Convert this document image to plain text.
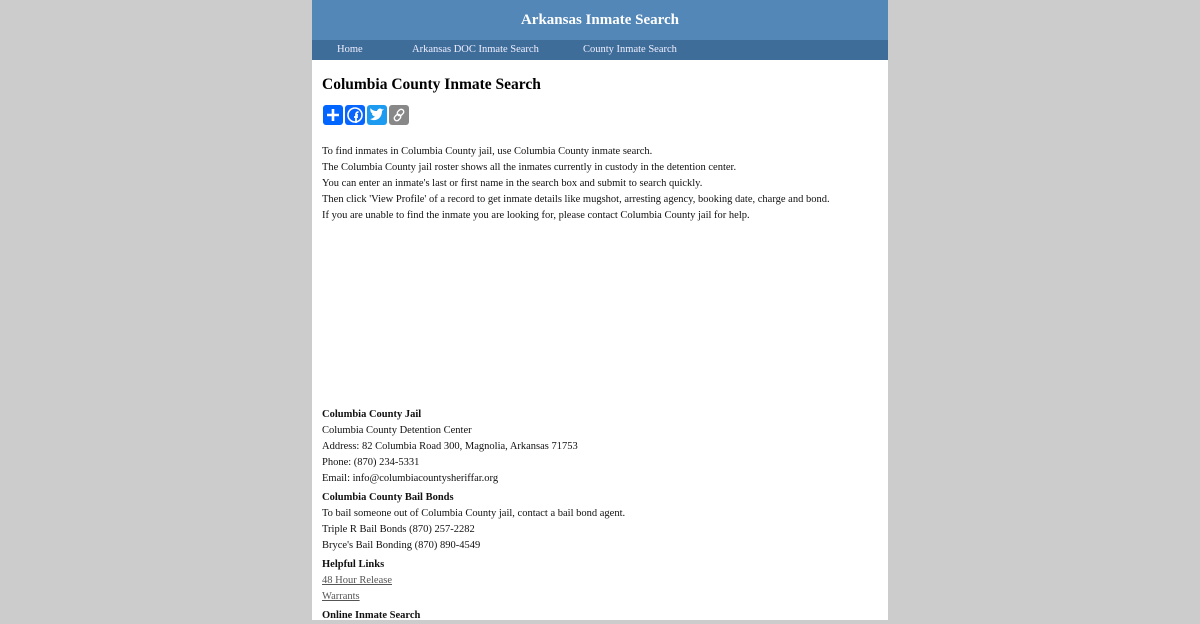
Arkansas Inmate Search
Home	Arkansas DOC Inmate Search	County Inmate Search
Columbia County Inmate Search
To find inmates in Columbia County jail, use Columbia County inmate search.
The Columbia County jail roster shows all the inmates currently in custody in the detention center.
You can enter an inmate's last or first name in the search box and submit to search quickly.
Then click 'View Profile' of a record to get inmate details like mugshot, arresting agency, booking date, charge and bond.
If you are unable to find the inmate you are looking for, please contact Columbia County jail for help.
Columbia County Jail
Columbia County Detention Center
Address: 82 Columbia Road 300, Magnolia, Arkansas 71753
Phone: (870) 234-5331
Email: info@columbiacountysheriffar.org
Columbia County Bail Bonds
To bail someone out of Columbia County jail, contact a bail bond agent.
Triple R Bail Bonds (870) 257-2282
Bryce's Bail Bonding (870) 890-4549
Helpful Links
48 Hour Release
Warrants
Online Inmate Search
